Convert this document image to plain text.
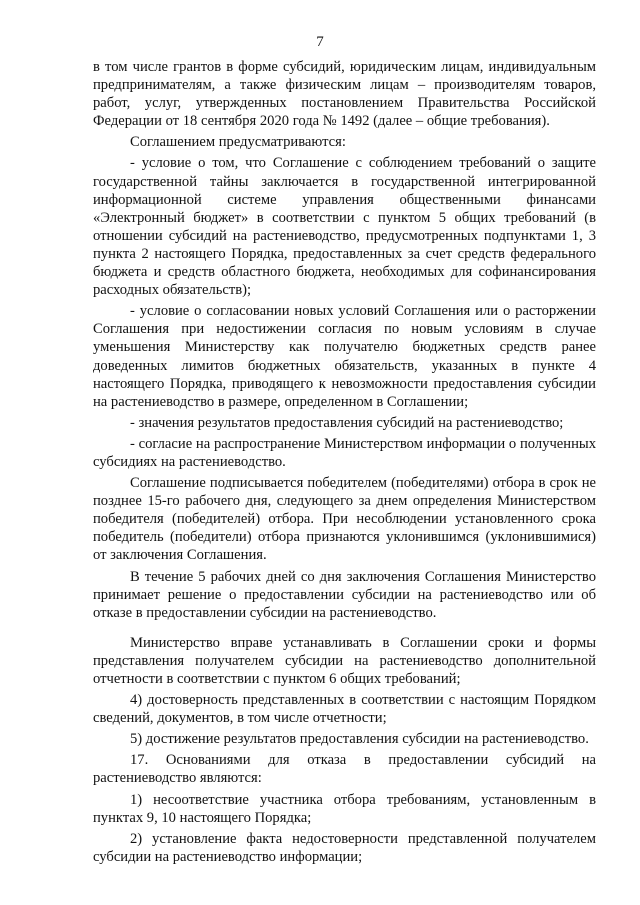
7

в том числе грантов в форме субсидий, юридическим лицам, индивидуальным предпринимателям, а также физическим лицам – производителям товаров, работ, услуг, утвержденных постановлением Правительства Российской Федерации от 18 сентября 2020 года № 1492 (далее – общие требования).

Соглашением предусматриваются:

- условие о том, что Соглашение с соблюдением требований о защите государственной тайны заключается в государственной интегрированной информационной системе управления общественными финансами «Электронный бюджет» в соответствии с пунктом 5 общих требований (в отношении субсидий на растениеводство, предусмотренных подпунктами 1, 3 пункта 2 настоящего Порядка, предоставленных за счет средств федерального бюджета и средств областного бюджета, необходимых для софинансирования расходных обязательств);

- условие о согласовании новых условий Соглашения или о расторжении Соглашения при недостижении согласия по новым условиям в случае уменьшения Министерству как получателю бюджетных средств ранее доведенных лимитов бюджетных обязательств, указанных в пункте 4 настоящего Порядка, приводящего к невозможности предоставления субсидии на растениеводство в размере, определенном в Соглашении;

- значения результатов предоставления субсидий на растениеводство;

- согласие на распространение Министерством информации о полученных субсидиях на растениеводство.

Соглашение подписывается победителем (победителями) отбора в срок не позднее 15-го рабочего дня, следующего за днем определения Министерством победителя (победителей) отбора. При несоблюдении установленного срока победитель (победители) отбора признаются уклонившимся (уклонившимися) от заключения Соглашения.

В течение 5 рабочих дней со дня заключения Соглашения Министерство принимает решение о предоставлении субсидии на растениеводство или об отказе в предоставлении субсидии на растениеводство.

Министерство вправе устанавливать в Соглашении сроки и формы представления получателем субсидии на растениеводство дополнительной отчетности в соответствии с пунктом 6 общих требований;

4) достоверность представленных в соответствии с настоящим Порядком сведений, документов, в том числе отчетности;

5) достижение результатов предоставления субсидии на растениеводство.

17. Основаниями для отказа в предоставлении субсидий на растениеводство являются:

1) несоответствие участника отбора требованиям, установленным в пунктах 9, 10 настоящего Порядка;

2) установление факта недостоверности представленной получателем субсидии на растениеводство информации;
